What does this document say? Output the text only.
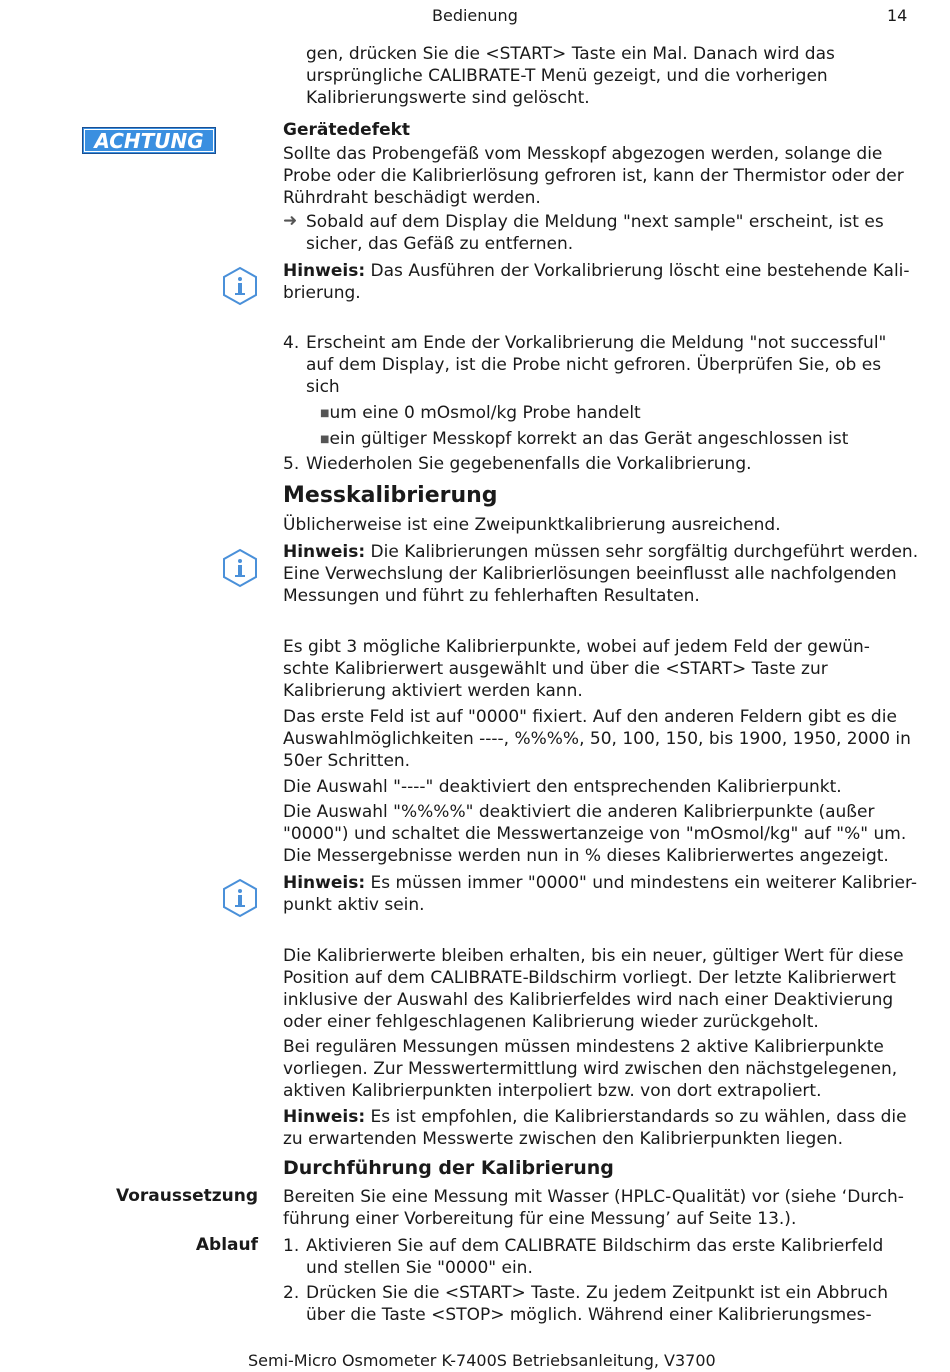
Bedienung	14
gen, drücken Sie die <START> Taste ein Mal. Danach wird das
ursprüngliche CALIBRATE-T Menü gezeigt, und die vorherigen
Kalibrierungswerte sind gelöscht.
ACHTUNG	Gerätedefekt
Sollte das Probengefäß vom Messkopf abgezogen werden, solange die
Probe oder die Kalibrierlösung gefroren ist, kann der Thermistor oder der
Rührdraht beschädigt werden.
➜ Sobald auf dem Display die Meldung "next sample" erscheint, ist es
sicher, das Gefäß zu entfernen.
Hinweis: Das Ausführen der Vorkalibrierung löscht eine bestehende Kali-
brierung.
4. Erscheint am Ende der Vorkalibrierung die Meldung "not successful"
auf dem Display, ist die Probe nicht gefroren. Überprüfen Sie, ob es
sich
■um eine 0 mOsmol/kg Probe handelt
■ein gültiger Messkopf korrekt an das Gerät angeschlossen ist
5. Wiederholen Sie gegebenenfalls die Vorkalibrierung.
Messkalibrierung
Üblicherweise ist eine Zweipunktkalibrierung ausreichend.
Hinweis: Die Kalibrierungen müssen sehr sorgfältig durchgeführt werden.
Eine Verwechslung der Kalibrierlösungen beeinflusst alle nachfolgenden
Messungen und führt zu fehlerhaften Resultaten.
Es gibt 3 mögliche Kalibrierpunkte, wobei auf jedem Feld der gewün-
schte Kalibrierwert ausgewählt und über die <START> Taste zur
Kalibrierung aktiviert werden kann.
Das erste Feld ist auf "0000" fixiert. Auf den anderen Feldern gibt es die
Auswahlmöglichkeiten ----, %%%%, 50, 100, 150, bis 1900, 1950, 2000 in
50er Schritten.
Die Auswahl "----" deaktiviert den entsprechenden Kalibrierpunkt.
Die Auswahl "%%%%" deaktiviert die anderen Kalibrierpunkte (außer
"0000") und schaltet die Messwertanzeige von "mOsmol/kg" auf "%" um.
Die Messergebnisse werden nun in % dieses Kalibrierwertes angezeigt.
Hinweis: Es müssen immer "0000" und mindestens ein weiterer Kalibrier-
punkt aktiv sein.
Die Kalibrierwerte bleiben erhalten, bis ein neuer, gültiger Wert für diese
Position auf dem CALIBRATE-Bildschirm vorliegt. Der letzte Kalibrierwert
inklusive der Auswahl des Kalibrierfeldes wird nach einer Deaktivierung
oder einer fehlgeschlagenen Kalibrierung wieder zurückgeholt.
Bei regulären Messungen müssen mindestens 2 aktive Kalibrierpunkte
vorliegen. Zur Messwertermittlung wird zwischen den nächstgelegenen,
aktiven Kalibrierpunkten interpoliert bzw. von dort extrapoliert.
Hinweis: Es ist empfohlen, die Kalibrierstandards so zu wählen, dass die
zu erwartenden Messwerte zwischen den Kalibrierpunkten liegen.
Durchführung der Kalibrierung
Voraussetzung Bereiten Sie eine Messung mit Wasser (HPLC-Qualität) vor (siehe ‘Durch-
führung einer Vorbereitung für eine Messung’ auf Seite 13.).
Ablauf 1. Aktivieren Sie auf dem CALIBRATE Bildschirm das erste Kalibrierfeld
und stellen Sie "0000" ein.
2. Drücken Sie die <START> Taste. Zu jedem Zeitpunkt ist ein Abbruch
über die Taste <STOP> möglich. Während einer Kalibrierungsmes-
Semi-Micro Osmometer K-7400S Betriebsanleitung, V3700
